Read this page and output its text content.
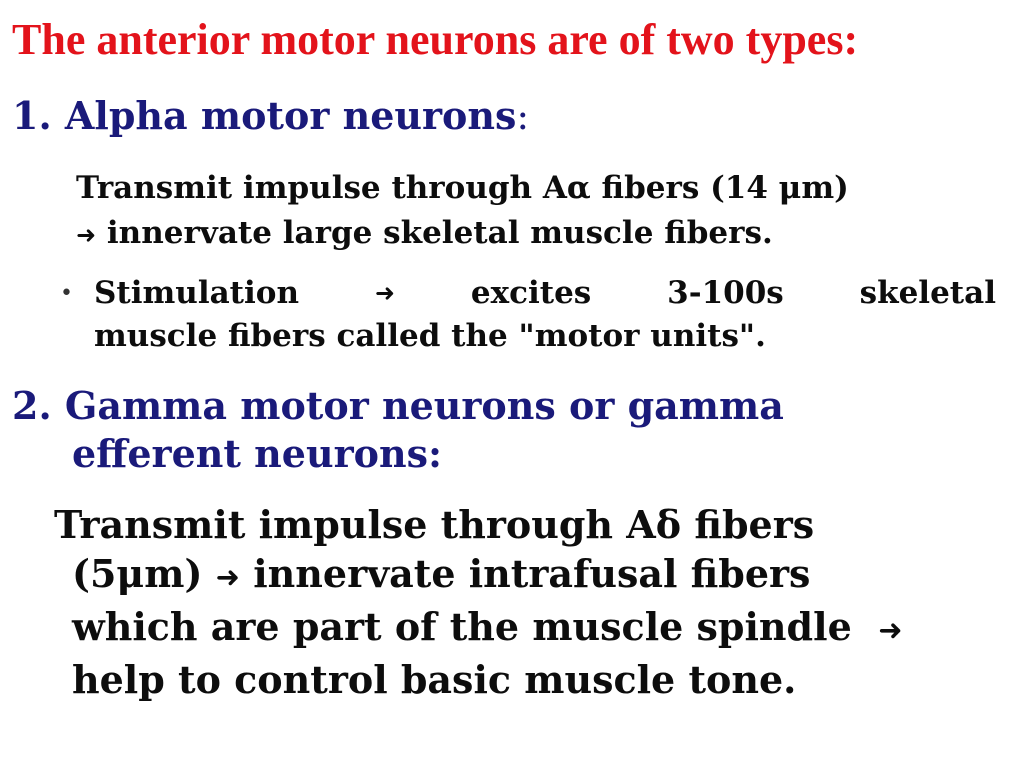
The anterior motor neurons are of two types:
1. Alpha motor neurons:
Transmit impulse through Aα fibers (14 μm)
➜ innervate large skeletal muscle fibers.
• Stimulation	➜ excites 3-100s skeletal
muscle fibers called the "motor units".
2. Gamma motor neurons or gamma
efferent neurons:
Transmit impulse through Aδ fibers
(5μm) ➜ innervate intrafusal fibers
which are part of the muscle spindle  ➜
help to control basic muscle tone.
